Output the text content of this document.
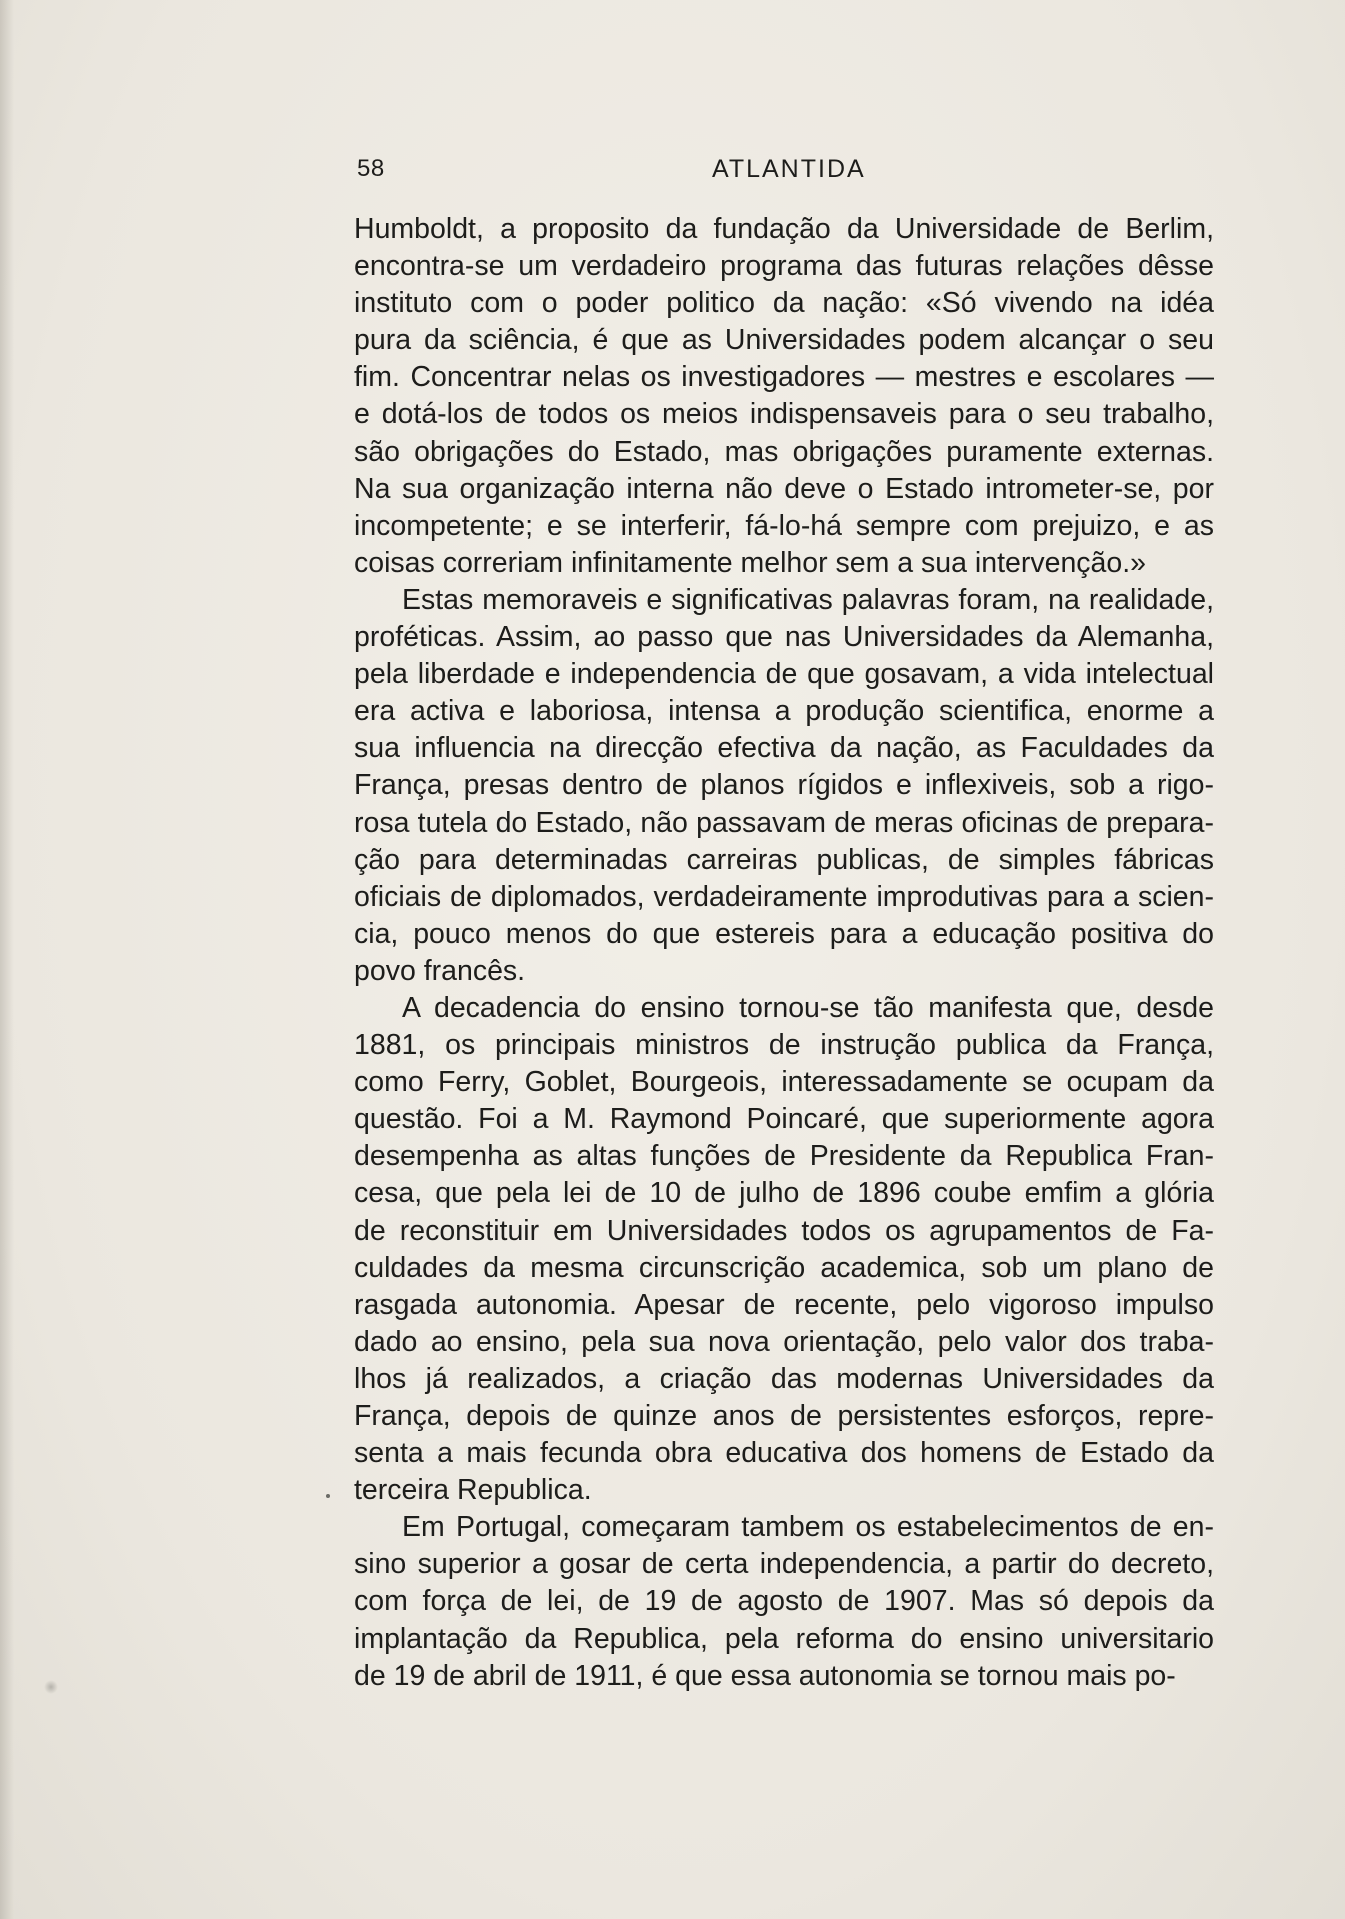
58	ATLANTIDA
Humboldt, a proposito da fundação da Universidade de Berlim,
encontra-se um verdadeiro programa das futuras relações dêsse
instituto com o poder politico da nação: «Só vivendo na idéa
pura da sciência, é que as Universidades podem alcançar o seu
fim. Concentrar nelas os investigadores — mestres e escolares —
e dotá-los de todos os meios indispensaveis para o seu trabalho,
são obrigações do Estado, mas obrigações puramente externas.
Na sua organização interna não deve o Estado intrometer-se, por
incompetente; e se interferir, fá-lo-há sempre com prejuizo, e as
coisas correriam infinitamente melhor sem a sua intervenção.»
Estas memoraveis e significativas palavras foram, na realidade,
proféticas. Assim, ao passo que nas Universidades da Alemanha,
pela liberdade e independencia de que gosavam, a vida intelectual
era activa e laboriosa, intensa a produção scientifica, enorme a
sua influencia na direcção efectiva da nação, as Faculdades da
França, presas dentro de planos rígidos e inflexiveis, sob a rigo-
rosa tutela do Estado, não passavam de meras oficinas de prepara-
ção para determinadas carreiras publicas, de simples fábricas
oficiais de diplomados, verdadeiramente improdutivas para a scien-
cia, pouco menos do que estereis para a educação positiva do
povo francês.
A decadencia do ensino tornou-se tão manifesta que, desde
1881, os principais ministros de instrução publica da França,
como Ferry, Goblet, Bourgeois, interessadamente se ocupam da
questão. Foi a M. Raymond Poincaré, que superiormente agora
desempenha as altas funções de Presidente da Republica Fran-
cesa, que pela lei de 10 de julho de 1896 coube emfim a glória
de reconstituir em Universidades todos os agrupamentos de Fa-
culdades da mesma circunscrição academica, sob um plano de
rasgada autonomia. Apesar de recente, pelo vigoroso impulso
dado ao ensino, pela sua nova orientação, pelo valor dos traba-
lhos já realizados, a criação das modernas Universidades da
França, depois de quinze anos de persistentes esforços, repre-
senta a mais fecunda obra educativa dos homens de Estado da
terceira Republica.
Em Portugal, começaram tambem os estabelecimentos de en-
sino superior a gosar de certa independencia, a partir do decreto,
com força de lei, de 19 de agosto de 1907. Mas só depois da
implantação da Republica, pela reforma do ensino universitario
de 19 de abril de 1911, é que essa autonomia se tornou mais po-
